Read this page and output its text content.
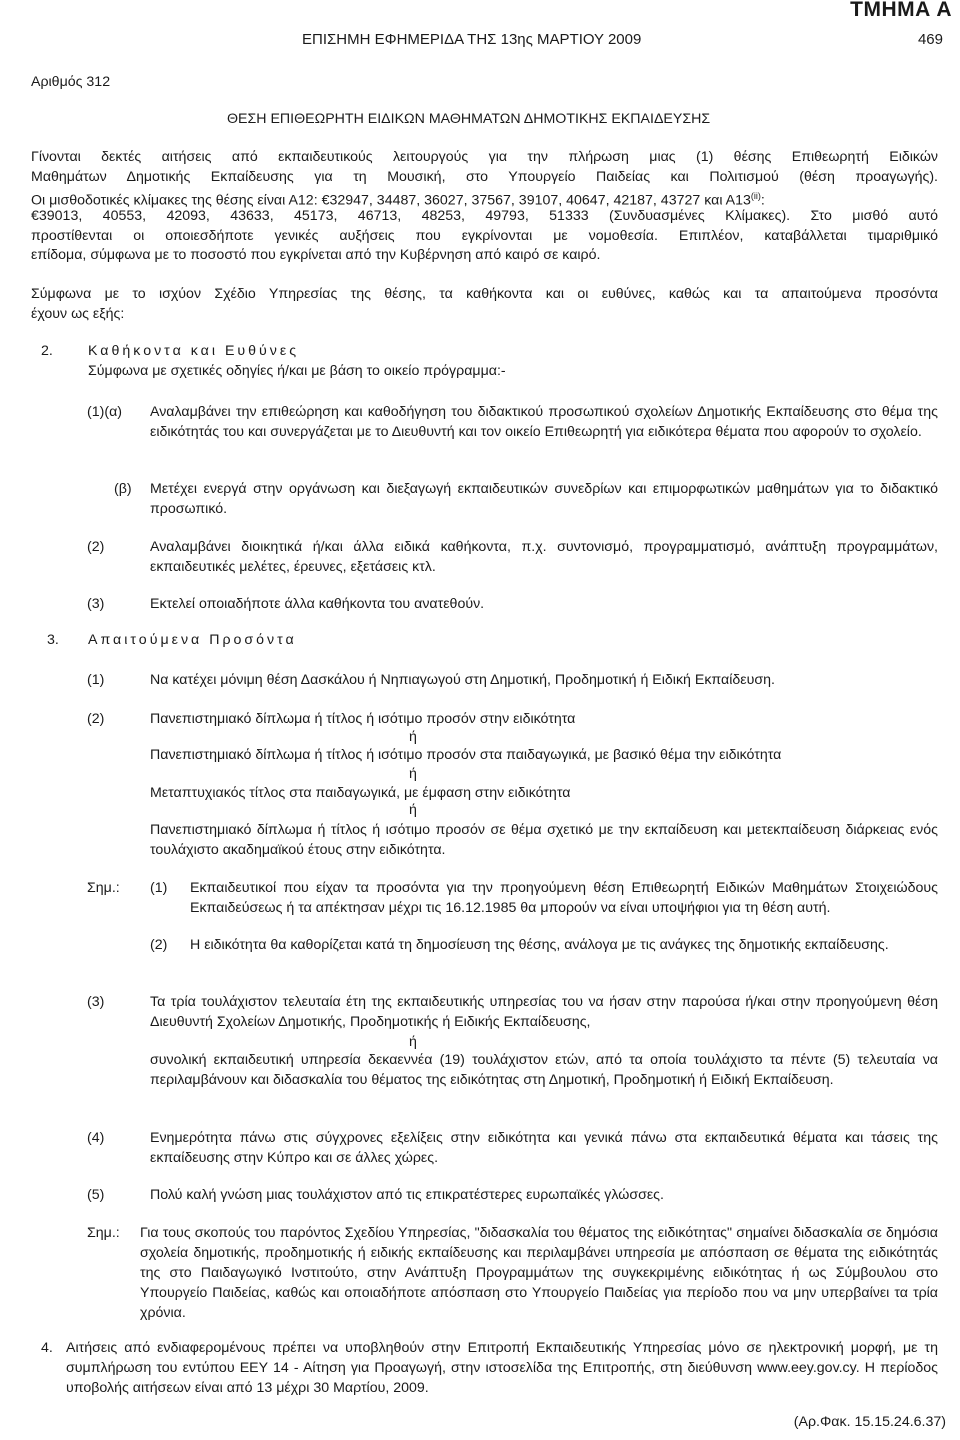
ΤΜΗΜΑ Α
ΕΠΙΣΗΜΗ ΕΦΗΜΕΡΙΔΑ ΤΗΣ 13ης ΜΑΡΤΙΟΥ 2009	469
Αριθμός 312
ΘΕΣΗ ΕΠΙΘΕΩΡΗΤΗ ΕΙΔΙΚΩΝ ΜΑΘΗΜΑΤΩΝ ΔΗΜΟΤΙΚΗΣ ΕΚΠΑΙΔΕΥΣΗΣ
Γίνονται δεκτές αιτήσεις από εκπαιδευτικούς λειτουργούς για την πλήρωση μιας (1) θέσης Επιθεωρητή Ειδικών
Μαθημάτων Δημοτικής Εκπαίδευσης για τη Μουσική, στο Υπουργείο Παιδείας και Πολιτισμού (θέση προαγωγής).
Οι μισθοδοτικές κλίμακες της θέσης είναι Α12: €32947, 34487, 36027, 37567, 39107, 40647, 42187, 43727 και Α13$^{(ii)}$:
€39013, 40553, 42093, 43633, 45173, 46713, 48253, 49793, 51333 (Συνδυασμένες Κλίμακες). Στο μισθό αυτό
προστίθενται οι οποιεσδήποτε γενικές αυξήσεις που εγκρίνονται με νομοθεσία. Επιπλέον, καταβάλλεται τιμαριθμικό
επίδομα, σύμφωνα με το ποσοστό που εγκρίνεται από την Κυβέρνηση από καιρό σε καιρό.
Σύμφωνα με το ισχύον Σχέδιο Υπηρεσίας της θέσης, τα καθήκοντα και οι ευθύνες, καθώς και τα απαιτούμενα προσόντα
έχουν ως εξής:
2. Καθήκοντα και Ευθύνες
Σύμφωνα με σχετικές οδηγίες ή/και με βάση το οικείο πρόγραμμα:-
(1)(α) Αναλαμβάνει την επιθεώρηση και καθοδήγηση του διδακτικού προσωπικού σχολείων Δημοτικής Εκπαίδευσης στο θέμα της ειδικότητάς του και συνεργάζεται με το Διευθυντή και τον οικείο Επιθεωρητή για ειδικότερα θέματα που αφορούν το σχολείο.
(β) Μετέχει ενεργά στην οργάνωση και διεξαγωγή εκπαιδευτικών συνεδρίων και επιμορφωτικών μαθημάτων για το διδακτικό προσωπικό.
(2)	Αναλαμβάνει διοικητικά ή/και άλλα ειδικά καθήκοντα, π.χ. συντονισμό, προγραμματισμό, ανάπτυξη προγραμμάτων, εκπαιδευτικές μελέτες, έρευνες, εξετάσεις κτλ.
(3)	Εκτελεί οποιαδήποτε άλλα καθήκοντα του ανατεθούν.
3. Απαιτούμενα Προσόντα
(1)	Να κατέχει μόνιμη θέση Δασκάλου ή Νηπιαγωγού στη Δημοτική, Προδημοτική ή Ειδική Εκπαίδευση.
(2)	Πανεπιστημιακό δίπλωμα ή τίτλος ή ισότιμο προσόν στην ειδικότητα
ή
Πανεπιστημιακό δίπλωμα ή τίτλος ή ισότιμο προσόν στα παιδαγωγικά, με βασικό θέμα την ειδικότητα
ή
Μεταπτυχιακός τίτλος στα παιδαγωγικά, με έμφαση στην ειδικότητα
ή
Πανεπιστημιακό δίπλωμα ή τίτλος ή ισότιμο προσόν σε θέμα σχετικό με την εκπαίδευση και μετεκπαίδευση διάρκειας ενός τουλάχιστο ακαδημαϊκού έτους στην ειδικότητα.
Σημ.: (1) Εκπαιδευτικοί που είχαν τα προσόντα για την προηγούμενη θέση Επιθεωρητή Ειδικών Μαθημάτων Στοιχειώδους Εκπαιδεύσεως ή τα απέκτησαν μέχρι τις 16.12.1985 θα μπορούν να είναι υποψήφιοι για τη θέση αυτή.
(2) Η ειδικότητα θα καθορίζεται κατά τη δημοσίευση της θέσης, ανάλογα με τις ανάγκες της δημοτικής εκπαίδευσης.
(3)	Τα τρία τουλάχιστον τελευταία έτη της εκπαιδευτικής υπηρεσίας του να ήσαν στην παρούσα ή/και στην προηγούμενη θέση Διευθυντή Σχολείων Δημοτικής, Προδημοτικής ή Ειδικής Εκπαίδευσης,
ή
συνολική εκπαιδευτική υπηρεσία δεκαεννέα (19) τουλάχιστον ετών, από τα οποία τουλάχιστο τα πέντε (5) τελευταία να περιλαμβάνουν και διδασκαλία του θέματος της ειδικότητας στη Δημοτική, Προδημοτική ή Ειδική Εκπαίδευση.
(4)	Ενημερότητα πάνω στις σύγχρονες εξελίξεις στην ειδικότητα και γενικά πάνω στα εκπαιδευτικά θέματα και τάσεις της εκπαίδευσης στην Κύπρο και σε άλλες χώρες.
(5)	Πολύ καλή γνώση μιας τουλάχιστον από τις επικρατέστερες ευρωπαϊκές γλώσσες.
Σημ.: Για τους σκοπούς του παρόντος Σχεδίου Υπηρεσίας, "διδασκαλία του θέματος της ειδικότητας" σημαίνει διδασκαλία σε δημόσια σχολεία δημοτικής, προδημοτικής ή ειδικής εκπαίδευσης και περιλαμβάνει υπηρεσία με απόσπαση σε θέματα της ειδικότητάς της στο Παιδαγωγικό Ινστιτούτο, στην Ανάπτυξη Προγραμμάτων της συγκεκριμένης ειδικότητας ή ως Σύμβουλου στο Υπουργείο Παιδείας, καθώς και οποιαδήποτε απόσπαση στο Υπουργείο Παιδείας για περίοδο που να μην υπερβαίνει τα τρία χρόνια.
4. Αιτήσεις από ενδιαφερομένους πρέπει να υποβληθούν στην Επιτροπή Εκπαιδευτικής Υπηρεσίας μόνο σε ηλεκτρονική μορφή, με τη συμπλήρωση του εντύπου ΕΕΥ 14 - Αίτηση για Προαγωγή, στην ιστοσελίδα της Επιτροπής, στη διεύθυνση www.eey.gov.cy. Η περίοδος υποβολής αιτήσεων είναι από 13 μέχρι 30 Μαρτίου, 2009.
(Αρ.Φακ. 15.15.24.6.37)
